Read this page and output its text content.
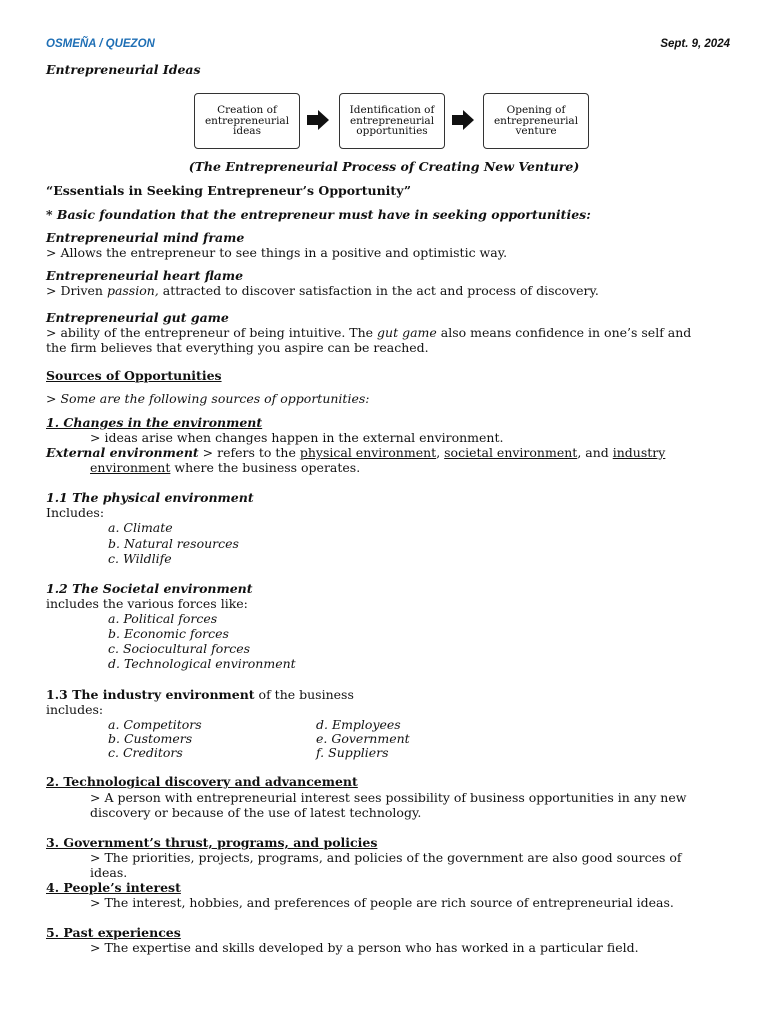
OSMEÑA / QUEZON	Sept. 9, 2024
Entrepreneurial Ideas
Creation of
entrepreneurial
ideas
Identification of
entrepreneurial
opportunities
Opening of
entrepreneurial
venture
(The Entrepreneurial Process of Creating New Venture)
“Essentials in Seeking Entrepreneur’s Opportunity”
* Basic foundation that the entrepreneur must have in seeking opportunities:
Entrepreneurial mind frame
> Allows the entrepreneur to see things in a positive and optimistic way.
Entrepreneurial heart flame
> Driven passion, attracted to discover satisfaction in the act and process of discovery.
Entrepreneurial gut game
> ability of the entrepreneur of being intuitive. The gut game also means confidence in one’s self and
the firm believes that everything you aspire can be reached.
Sources of Opportunities
> Some are the following sources of opportunities:
1. Changes in the environment
> ideas arise when changes happen in the external environment.
External environment > refers to the physical environment, societal environment, and industry
environment where the business operates.
1.1 The physical environment
Includes:
a. Climate
b. Natural resources
c. Wildlife
1.2 The Societal environment
includes the various forces like:
a. Political forces
b. Economic forces
c. Sociocultural forces
d. Technological environment
1.3 The industry environment of the business
includes:
a. Competitors
b. Customers
c. Creditors
d. Employees
e. Government
f. Suppliers
2. Technological discovery and advancement
> A person with entrepreneurial interest sees possibility of business opportunities in any new
discovery or because of the use of latest technology.
3. Government’s thrust, programs, and policies
> The priorities, projects, programs, and policies of the government are also good sources of
ideas.
4. People’s interest
> The interest, hobbies, and preferences of people are rich source of entrepreneurial ideas.
5. Past experiences
> The expertise and skills developed by a person who has worked in a particular field.
